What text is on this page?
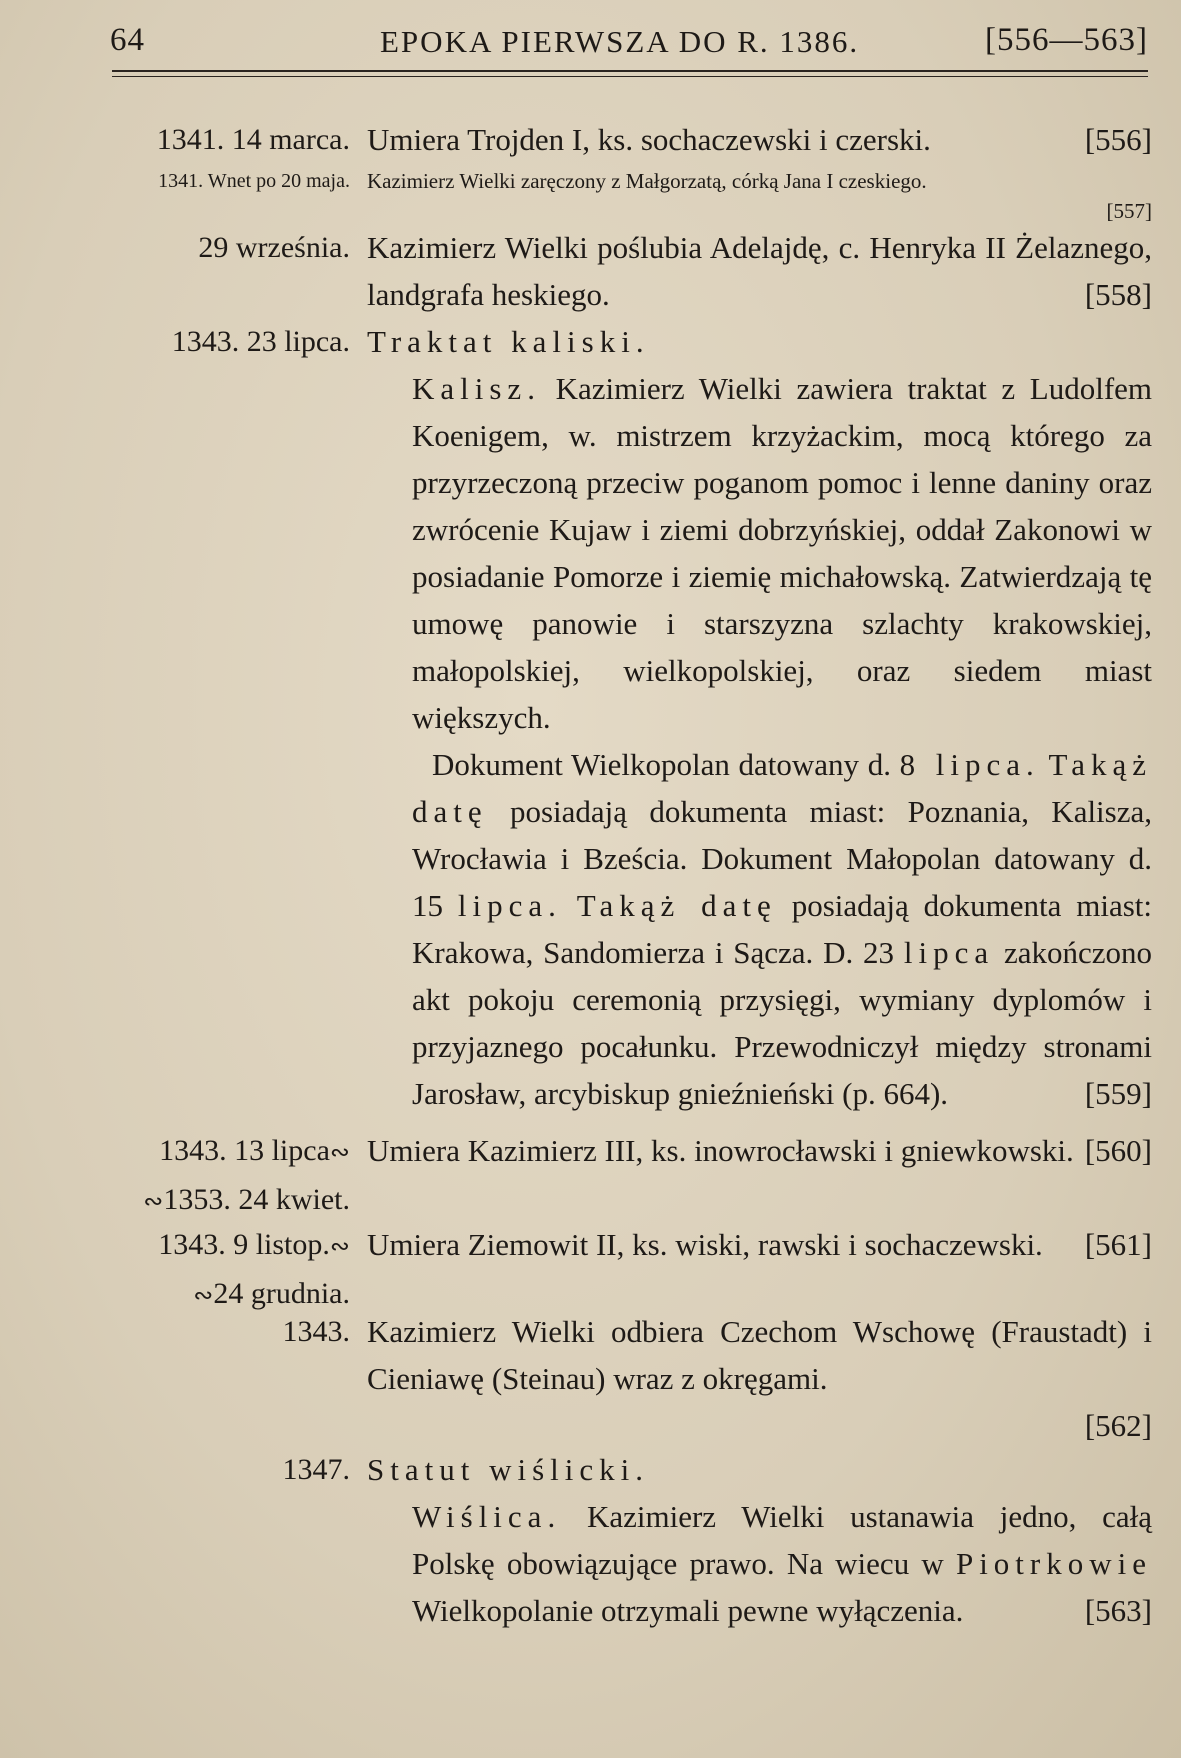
64	EPOKA PIERWSZA DO R. 1386.	[556—563]
1341. 14 marca. Umiera Trojden I, ks. sochaczewski i czerski.	[556]
1341. Wnet po 20 maja. Kazimierz Wielki zaręczony z Małgorzatą, córką Jana I czeskiego.

[557]

29 września. Kazimierz Wielki poślubia Adelajdę, c. Henryka II Żelaznego, landgrafa heskiego.	[558]
1343. 23 lipca. Traktat kaliski.

Kalisz. Kazimierz Wielki zawiera traktat z Ludolfem Koenigem, w. mistrzem krzyżackim, mocą którego za przyrzeczoną przeciw poganom pomoc i lenne daniny oraz zwrócenie Kujaw i ziemi dobrzyńskiej, oddał Zakonowi w posiadanie Pomorze i ziemię michałowską. Zatwierdzają tę umowę panowie i starszyzna szlachty krakowskiej, małopolskiej, wielkopolskiej, oraz siedem miast większych.

Dokument Wielkopolan datowany d. 8 lipca. Takąż datę posiadają dokumenta miast: Poznania, Kalisza, Wrocławia i Bześcia. Dokument Małopolan datowany d. 15 lipca. Takąż datę posiadają dokumenta miast: Krakowa, Sandomierza i Sącza. D. 23 lipca zakończono akt pokoju ceremonią przysięgi, wymiany dyplomów i przyjaznego pocałunku. Przewodniczył między stronami Jarosław, arcybiskup gnieźnieński (p. 664).	[559]

1343. 13 lipca∾
∾1353. 24 kwiet.
Umiera Kazimierz III, ks. inowrocławski i gniewkowski. [560]
1343. 9 listop.∾
∾24 grudnia.
Umiera Ziemowit II, ks. wiski, rawski i sochaczewski. [561]
1343. Kazimierz Wielki odbiera Czechom Wschowę (Fraustadt) i Cieniawę (Steinau) wraz z okręgami.

[562]

1347. Statut wiślicki.

Wiślica. Kazimierz Wielki ustanawia jedno, całą Polskę obowiązujące prawo. Na wiecu w Piotrkowie Wielkopolanie otrzymali pewne wyłączenia.	[563]
